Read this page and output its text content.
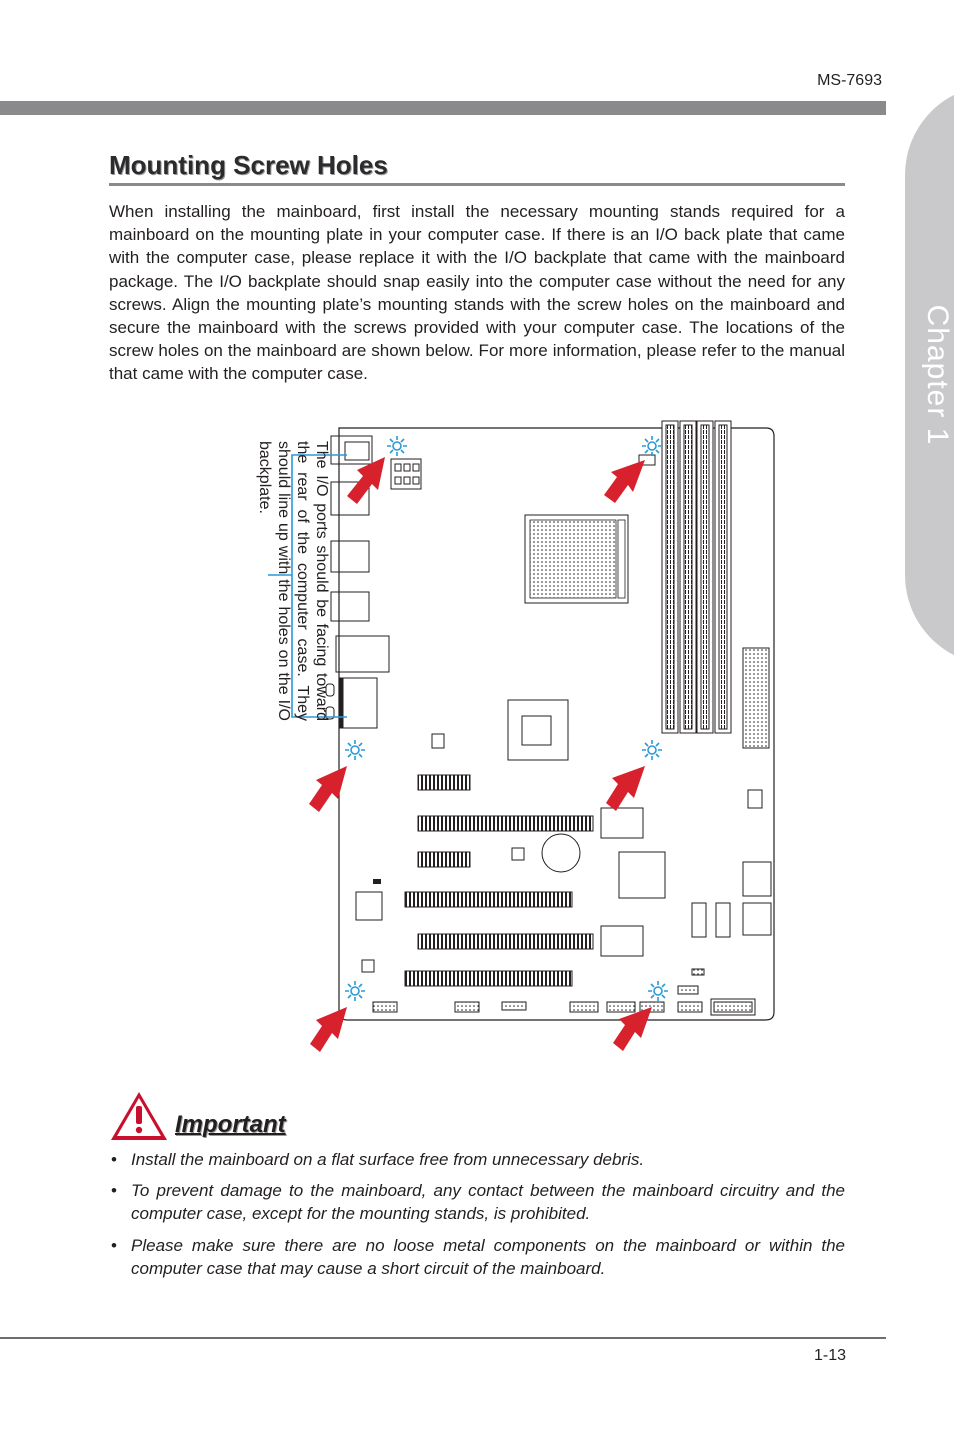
MS-7693
Chapter 1
Mounting Screw Holes
When installing the mainboard, first install the necessary mounting stands required for a mainboard on the mounting plate in your computer case. If there is an I/O back plate that came with the computer case, please replace it with the I/O backplate that came with the mainboard package. The I/O backplate should snap easily into the computer case without the need for any screws. Align the mounting plate’s mounting stands with the screw holes on the mainboard and secure the mainboard with the screws provided with your computer case. The locations of the screw holes on the mainboard are shown below. For more information, please refer to the manual that came with the computer case.
The I/O ports should be facing toward the rear of the computer case. They should line up with the holes on the I/O backplate.
Important
• Install the mainboard on a flat surface free from unnecessary debris.
• To prevent damage to the mainboard, any contact between the mainboard circuitry and the computer case, except for the mounting stands, is prohibited.
• Please make sure there are no loose metal components on the mainboard or within the computer case that may cause a short circuit of the mainboard.
1-13
